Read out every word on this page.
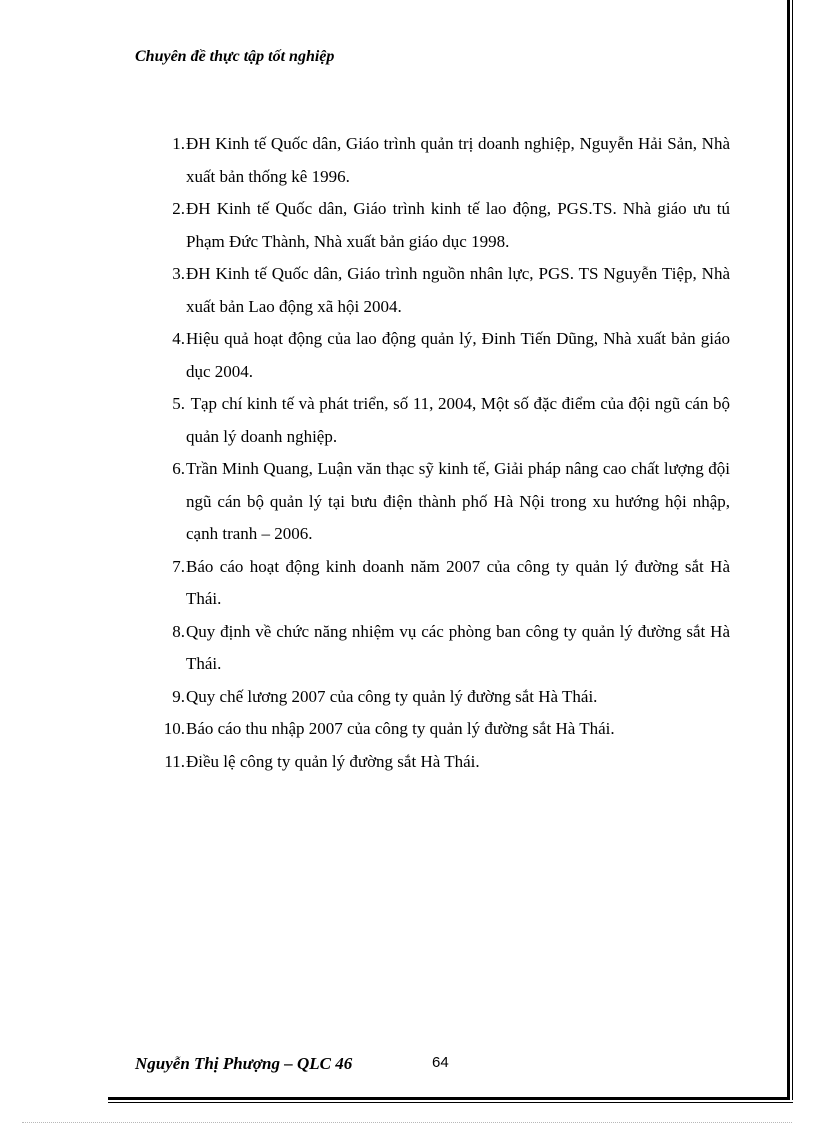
Chuyên đề thực tập tốt nghiệp
1. ĐH Kinh tế Quốc dân, Giáo trình quản trị doanh nghiệp, Nguyễn Hải Sản, Nhà xuất bản thống kê 1996.
2. ĐH Kinh tế Quốc dân, Giáo trình kinh tế lao động, PGS.TS. Nhà giáo ưu tú Phạm Đức Thành, Nhà xuất bản giáo dục 1998.
3. ĐH Kinh tế Quốc dân, Giáo trình nguồn nhân lực, PGS. TS Nguyễn Tiệp, Nhà xuất bản Lao động xã hội 2004.
4. Hiệu quả hoạt động của lao động quản lý, Đinh Tiến Dũng, Nhà xuất bản giáo dục 2004.
5. Tạp chí kinh tế và phát triển, số 11, 2004, Một số đặc điểm của đội ngũ cán bộ quản lý doanh nghiệp.
6. Trần Minh Quang, Luận văn thạc sỹ kinh tế, Giải pháp nâng cao chất lượng đội ngũ cán bộ quản lý tại bưu điện thành phố Hà Nội trong xu hướng hội nhập, cạnh tranh – 2006.
7. Báo cáo hoạt động kinh doanh năm 2007 của công ty quản lý đường sắt Hà Thái.
8. Quy định về chức năng nhiệm vụ các phòng ban công ty quản lý đường sắt Hà Thái.
9. Quy chế lương 2007 của công ty quản lý đường sắt Hà Thái.
10. Báo cáo thu nhập 2007 của công ty quản lý đường sắt Hà Thái.
11. Điều lệ công ty quản lý đường sắt Hà Thái.
Nguyễn Thị Phượng – QLC 46	64
